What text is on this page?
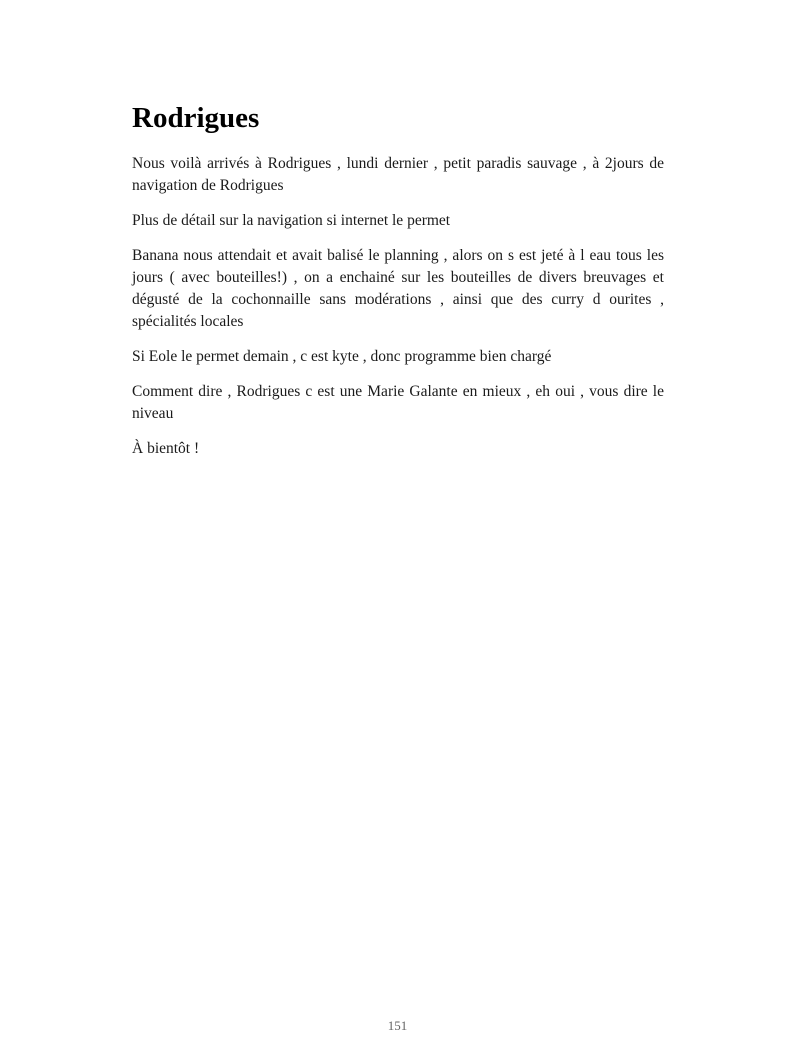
Rodrigues

Nous voilà arrivés à Rodrigues , lundi dernier , petit paradis sauvage , à 2jours de navigation de Rodrigues

Plus de détail sur la navigation si internet le permet

Banana nous attendait et avait balisé le planning , alors on s est jeté à l eau tous les jours ( avec bouteilles!) , on a enchainé sur les bouteilles de divers breuvages et dégusté de la cochonnaille sans modérations , ainsi que des curry d ourites , spécialités locales

Si Eole le permet demain , c est kyte , donc programme bien chargé

Comment dire , Rodrigues c est une Marie Galante en mieux , eh oui , vous dire le niveau

À bientôt !

151
